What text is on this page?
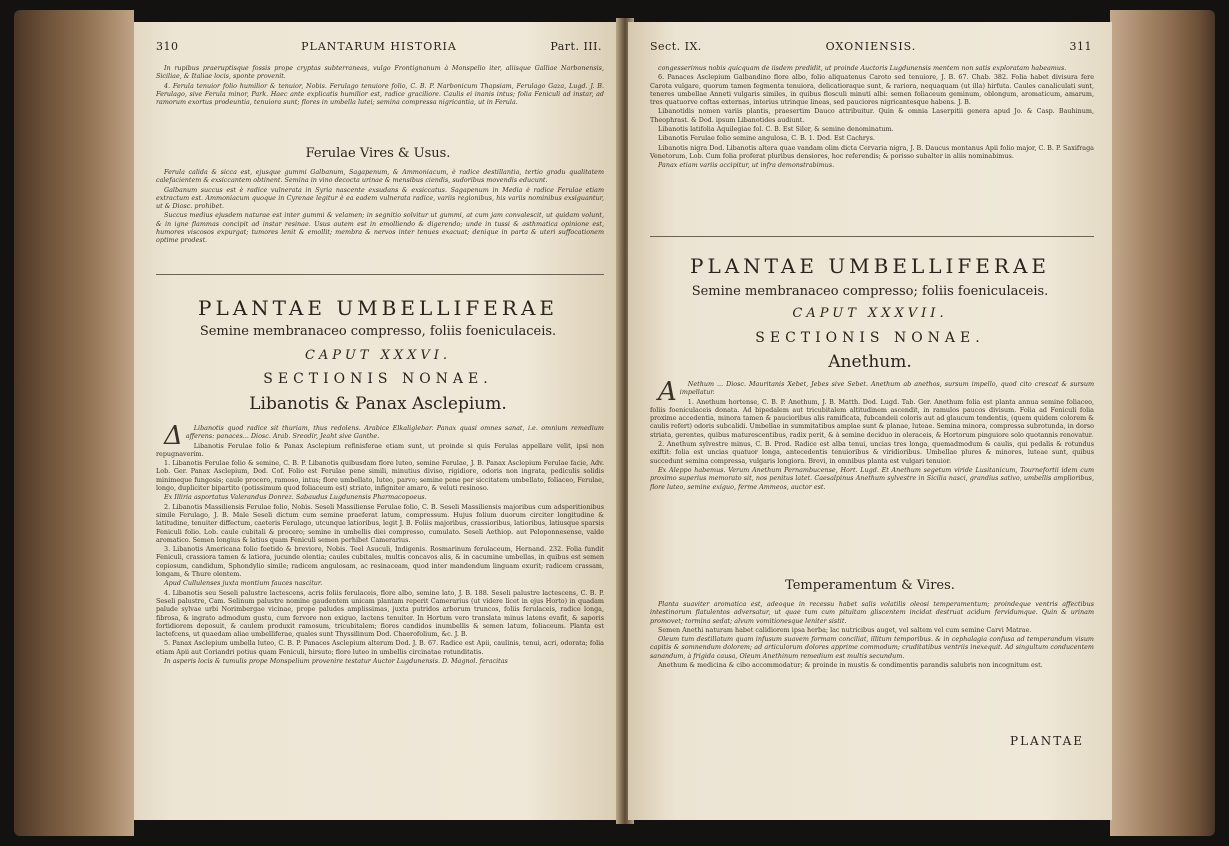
310	PLANTARUM HISTORIA	Part. III.

In rupibus praeruptisque fossis prope cryptas subterraneas, vulgo Frontignanum à Monspelio iter, aliisque Galliae Narbonensis, Siciliae, & Italiae locis, sponte provenit.

4. Ferula tenuior folio humilior & tenuior, Nobis. Ferulago tenuiore folio, C. B. P. Narbonicum Thapsiam, Ferulago Gaza, Lugd. J. B. Ferulago, sive Ferula minor, Park. Haec ante explicatis humilior est, radice graciliore. Caulis ei inanis intus; folia Feniculi ad instar, ad ramorum exortus prodeuntia, tenuiora sunt; flores in umbella lutei; semina compressa nigricantia, ut in Ferula.

Ferulae Vires & Usus.

Ferula calida & sicca est, ejusque gummi Galbanum, Sagapenum, & Ammoniacum, è radice destillantia, tertio gradu qualitatem calefacientem & exsiccantem obtinent. Semina in vino decocta urinae & mensibus ciendis, sudoribus movendis educunt.

Galbanum succus est è radice vulnerata in Syria nascente exsudans & exsiccatus. Sagapenum in Media è radice Ferulae etiam extractum est. Ammoniacum quoque in Cyrenae legitur è ea eadem vulnerata radice, variis regionibus, his variis nominibus exsiguantur, ut & Diosc. prohibet.

Succus medius ejusdem naturae est inter gummi & velamen; in segnitio solvitur ut gummi, at cum jam convalescit, ut quidam volunt, & in igne flammas concipit ad instar resinae. Usus autem est in emolliendo & digerendo; unde in tussi & asthmatica opinione est, humores viscosos expurgat; tumores lenit & emollit; membra & nervos inter tenues exacuat; denique in parta & uteri suffocationem optime prodest.

PLANTAE UMBELLIFERAE
Semine membranaceo compresso, foliis foeniculaceis.
CAPUT XXXVI.
SECTIONIS NONAE.
Libanotis & Panax Asclepium.

Δ Libanotis quod radice sit thuriam, thus redolens. Arabice Elkaliglebar. Panax quasi omnes sanat, i.e. omnium remedium afferens: panaces... Diosc. Arab. Sreodir, Jeaht sive Ganthe.

Libanotis Ferulae folio & Panax Asclepium refinisferae etiam sunt, ut proinde si quis Ferulas appellare velit, ipsi non repugnaverim.

1. Libanotis Ferulae folio & semine, C. B. P. Libanotis quibusdam flore luteo, semine Ferulae, J. B. Panax Asclepium Ferulae facie, Adv. Lob. Ger. Panax Asclepium, Dod. Cof. Folio est Ferulae pene simili, minutius diviso, rigidiore, odoris non ingrata, pediculis solidis minimeque fungosis; caule procero, ramoso, intus; flore umbellato, luteo, parvo; semine pene per siccitatem umbellato, foliaceo, Ferulae, longo, dupliciter bipartito (potissimum quod foliaceum est) striato, infigniter amaro, & veluti resinoso.

Ex Illiria asportatus Valerandus Donrez. Sabaudus Lugdunensis Pharmacopoeus.

2. Libanotis Massiliensis Ferulae folio, Nobis. Seseli Massiliense Ferulae folio, C. B. Seseli Massiliensis majoribus cum adsperitionibus simile Ferulago, J. B. Male Seseli dictum cum semine praeferat latum, compressum. Hujus folium duorum circiter longitudine & latitudine, tenuiter diffectum, caeteris Ferulago, utcunque latioribus, legit J. B. Foliis majoribus, crassioribus, latioribus, latiusque sparsis Feniculi folio. Lob. caule cubitali & procero; semine in umbellis diei compresso, cumulato. Seseli Aethiop. aut Peloponnesense, valde aromatico. Semen longius & latius quam Feniculi semen perhibet Camerarius.

3. Libanotis Americana folio foetido & breviore, Nobis. Teel Asuculi, Indigenis. Rosmarinum ferulaceum, Hernand. 232. Folia fundit Feniculi, crassiora tamen & latiora, jucunde olentia; caules cubitales, multis concavos alis, & in cacumine umbellas, in quibus est semen copiosum, candidum, Sphondylio simile; radicem angulosam, ac resinaceam, quod inter mandendum linguam exurit; radicem crassam, longam, & Thure olentem.

Apud Cullulenses juxta montium fauces nascitur.

4. Libanotis seu Seseli palustre lactescens, acris foliis ferulaceis, flore albo, semine lato, J. B. 188. Seseli palustre lactescens, C. B. P. Seseli palustre, Cam. Selinum palustre nomine gaudentem unicam plantam reperit Camerarius (ut videre licet in ejus Horto) in quadam palude sylvae urbi Norimbergae vicinae, prope paludes amplissimas, juxta putridos arborum truncos, foliis ferulaceis, radice longa, fibrosa, & ingrato admodum gustu, cum fervore non exiguo, lactens tenuiter. In Hortum vero translata minus latens evafit, & saporis fortidiorem deposuit, & caulem produxit ramosum, tricubitalem; flores candidos inumbellis & semen latum, foliaceum. Planta est lactefcens, ut quaedam aliae umbelliferae, quales sunt Thyssilinum Dod. Chaerofolium, &c. J. B.

5. Panax Asclepium umbella luteo, C. B. P. Panaces Asclepium alterum Dod. J. B. 67. Radice est Apii, caulinis, tenui, acri, odorata; folia etiam Apii aut Coriandri potius quam Feniculi, hirsuto; flore luteo in umbellis circinatae rotunditatis.

In asperis locis & tumulis prope Monspelium provenire testatur Auctor Lugdunensis. D. Magnol. feracitas

Sect. IX.	OXONIENSIS.	311

congesserimus nobis quicquam de iisdem predidit, ut proinde Auctoris Lugdunensis mentem non satis exploratam habeamus.

6. Panaces Asclepium Galbandino flore albo, folio aliquatenus Caroto sed tenuiore, J. B. 67. Chab. 382. Folia habet divisura fere Carota vulgare, quorum tamen fegmenta tenuiora, delicatioraque sunt, & rariora, nequaquam (ut illa) hirfuta. Caules canaliculati sunt, teneres umbellae Anneti vulgaris similes, in quibus flosculi minuti albi: semen foliaceum geminum, oblongum, aromaticum, amarum, tres quatuorve coftas externas, interius utrinque lineas, sed pauciores nigricantesque habens. J. B.

Libanotidis nomen variis plantis, praesertim Dauco attribuitur. Quin & omnia Laserpitii genera apud Jo. & Casp. Bauhinum, Theophrast. & Dod. ipsum Libanotides audiunt.

Libanotis latifolia Aquilegiae fol. C. B. Est Siler, & semine denominatum.

Libanotis Ferulae folio semine angulosa, C. B. 1. Dod. Est Cachrys.

Libanotis nigra Dod. Libanotis altera quae vandam olim dicta Cervaria nigra, J. B. Daucus montanus Apii folio major, C. B. P. Saxifraga Venetorum, Lob. Cum folia proferat pluribus densiores, hoc referendis; & porisso subalter in aliis nominabimus.

Panax etiam variis accipitur, ut infra demonstrabimus.

PLANTAE UMBELLIFERAE
Semine membranaceo compresso; foliis foeniculaceis.
CAPUT XXXVII.
SECTIONIS NONAE.
Anethum.

A Nethum ... Diosc. Mauritanis Xebet, Jebes sive Sebet. Anethum ab anethos, sursum impello, quod cito crescat & sursum impellatur.

1. Anethum hortense, C. B. P. Anethum, J. B. Matth. Dod. Lugd. Tab. Ger. Anethum folia est planta annua semine foliaceo, foliis foeniculaceis donata. Ad bipedalem aut tricubitalem altitudinem ascendit, in ramulos paucos divisum. Folia ad Feniculi folia proxime accedentia, minora tamen & paucioribus alis ramificata, fubcandeii coloris aut ad glaucum tendentis, (quem quidem colorem & caulis refert) odoris subcalidi. Umbellae in summitatibus amplae sunt & planae, luteae. Semina minora, compressa subrotunda, in dorso striata, gerentes, quibus maturescentibus, radix perit, & à semine deciduo in oleraceis, & Hortorum pinguiore solo quotannis renovatur.

2. Anethum sylvestre minus, C. B. Prod. Radice est alba tenui, uncias tres longa, quemadmodum & caulis, qui pedalis & rotundus exiftit: folia est uncias quatuor longa, antecedentis tenuioribus & viridioribus. Umbellae plures & minores, luteae sunt, quibus succedunt semina compressa, vulgaris longiora. Brevi, in omnibus planta est vulgari tenuior.

Ex Aleppo habemus. Verum Anethum Pernambucense, Hort. Lugd. Et Anethum segetum viride Lusitanicum, Tournefortii idem cum proximo superius memorato sit, nos penitus latet. Caesalpinus Anethum sylvestre in Sicilia nasci, grandius sativo, umbellis amplioribus, flore luteo, semine exiguo, ferme Ammeos, auctor est.

Temperamentum & Vires.

Planta suaviter aromatica est, adeoque in recessu habet salis volatilis oleosi temperamentum; proindeque ventris affectibus intestinorum flatulentos adversatur, ut quae tum cum pituitam gliscentem incidat destruat acidum fervidumque. Quin & urinam promovet; tormina sedat; alvum vomitionesque leniter sistit.

Semen Anethi naturam habet calidiorem ipsa herba; lac nutricibus auget, vel saltem vel cum semine Carvi Matrae.

Oleum tum destillatum quam infusum suavem formam conciliat, illitum temporibus. & in cephalagia confusa ad temperandum visum capitis & somnendum dolorem; ad articulorum dolores apprime commodum; cruditatibus ventriis inexequit. Ad singultum conducentem sanandum, à frigida causa, Oleum Anethinum remedium est multis secundum.

Anethum & medicina & cibo accommodatur; & proinde in mustis & condimentis parandis salubris non incognitum est.

PLANTAE
